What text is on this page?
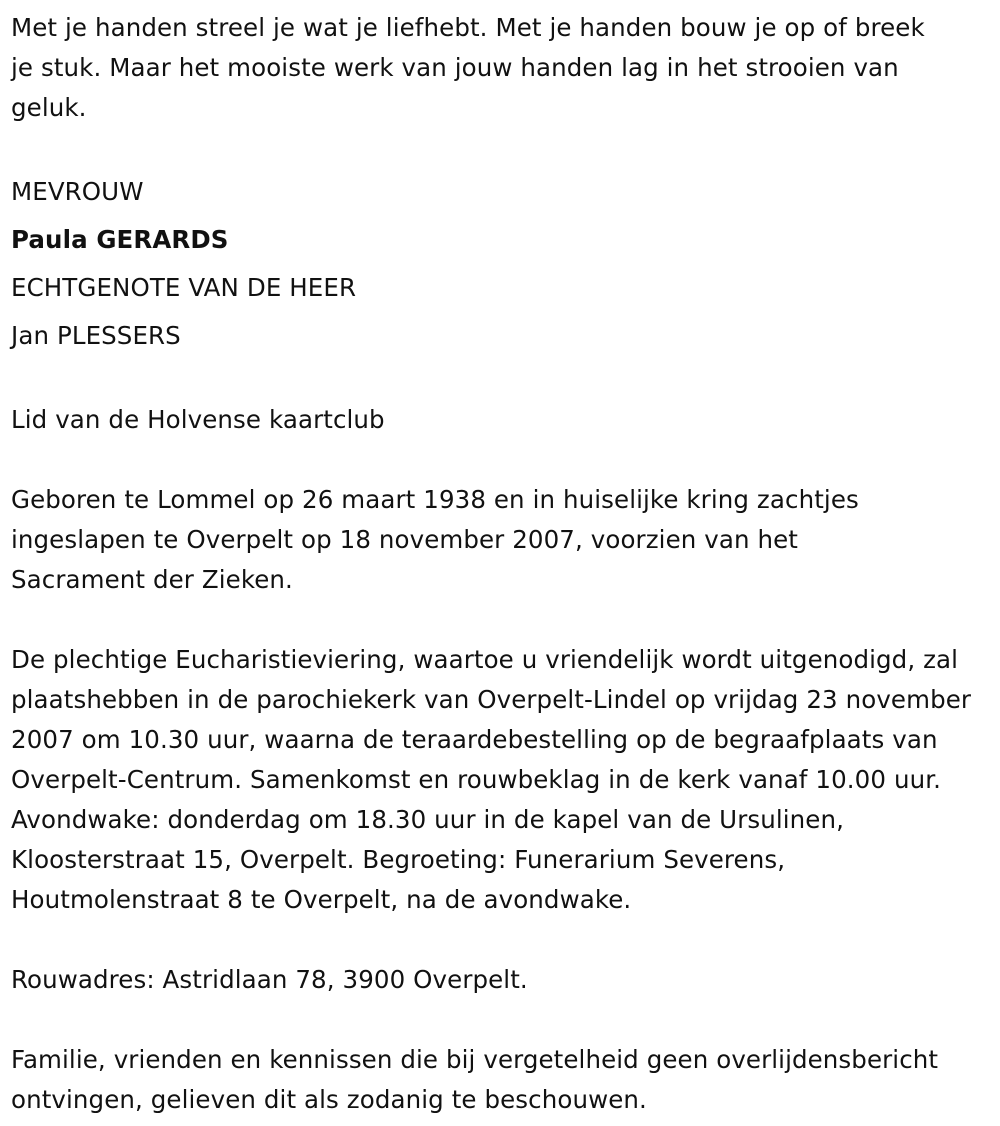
Met je handen streel je wat je liefhebt. Met je handen bouw je op of breek je stuk. Maar het mooiste werk van jouw handen lag in het strooien van geluk.

MEVROUW

Paula GERARDS

ECHTGENOTE VAN DE HEER

Jan PLESSERS

Lid van de Holvense kaartclub

Geboren te Lommel op 26 maart 1938 en in huiselijke kring zachtjes ingeslapen te Overpelt op 18 november 2007, voorzien van het Sacrament der Zieken.

De plechtige Eucharistieviering, waartoe u vriendelijk wordt uitgenodigd, zal plaatshebben in de parochiekerk van Overpelt-Lindel op vrijdag 23 november 2007 om 10.30 uur, waarna de teraardebestelling op de begraafplaats van Overpelt-Centrum. Samenkomst en rouwbeklag in de kerk vanaf 10.00 uur. Avondwake: donderdag om 18.30 uur in de kapel van de Ursulinen, Kloosterstraat 15, Overpelt. Begroeting: Funerarium Severens, Houtmolenstraat 8 te Overpelt, na de avondwake.

Rouwadres: Astridlaan 78, 3900 Overpelt.

Familie, vrienden en kennissen die bij vergetelheid geen overlijdensbericht ontvingen, gelieven dit als zodanig te beschouwen.
